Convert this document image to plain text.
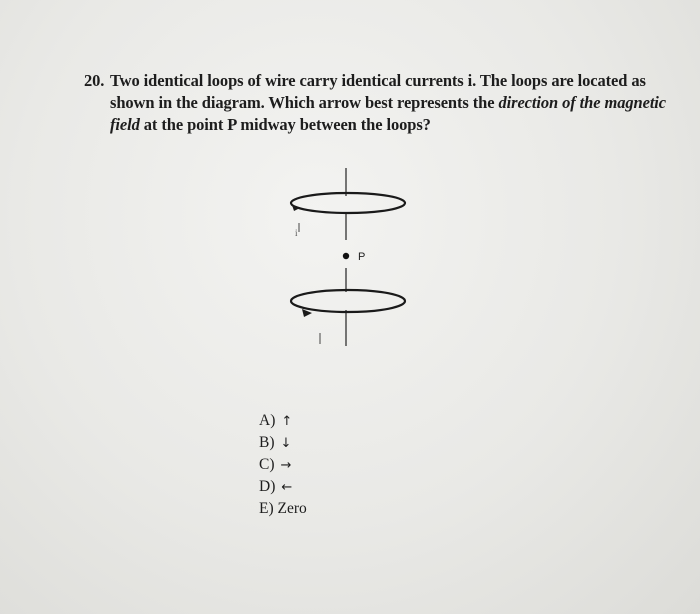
20. Two identical loops of wire carry identical currents i. The loops are located as
shown in the diagram. Which arrow best represents the direction of the magnetic
field at the point P midway between the loops?
i
P
A) ↑
B) ↓
C) →
D) ←
E) Zero
